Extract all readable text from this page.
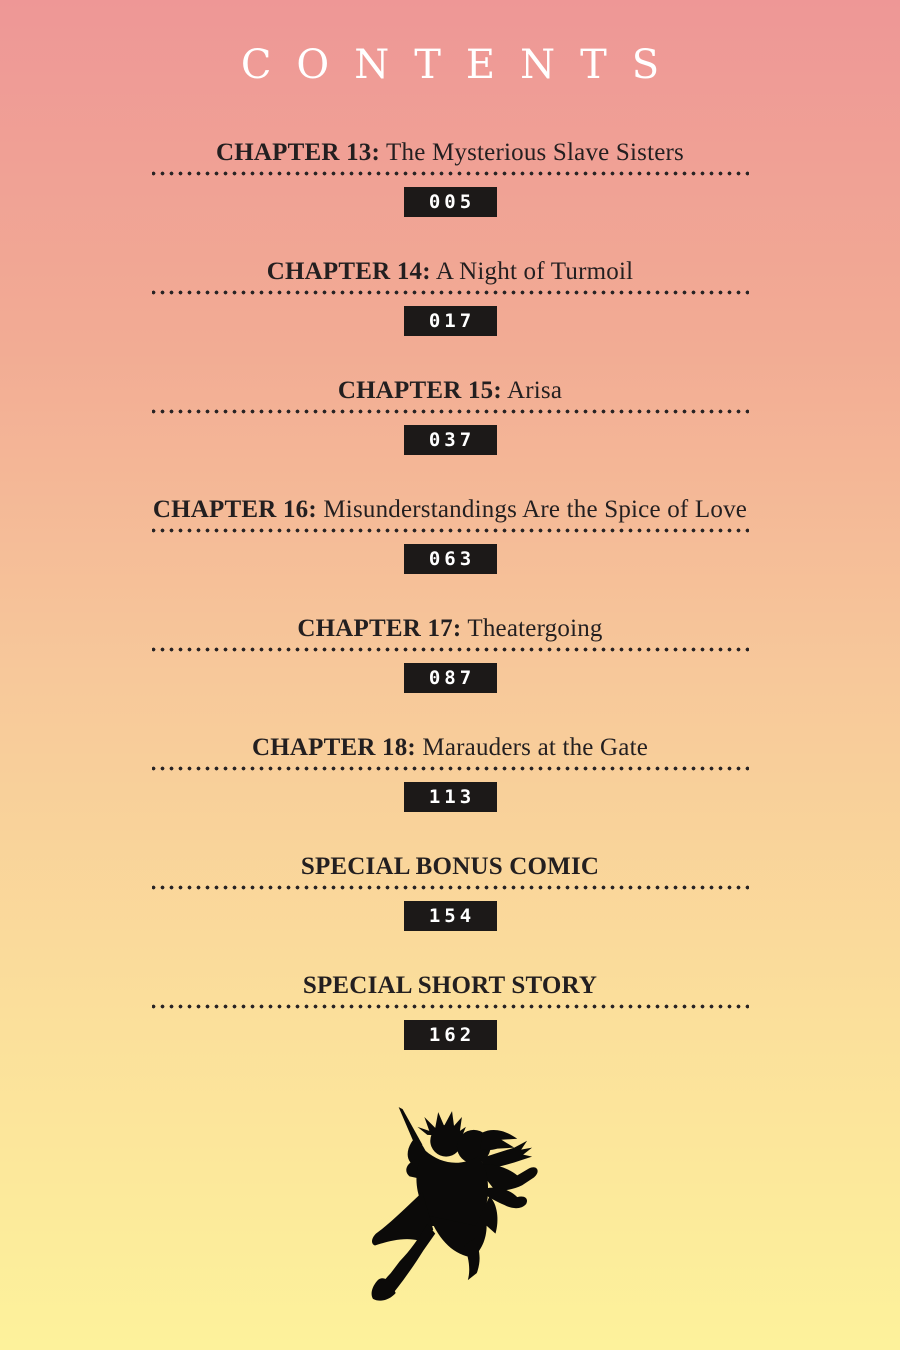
CONTENTS
CHAPTER 13: The Mysterious Slave Sisters
005
CHAPTER 14: A Night of Turmoil
017
CHAPTER 15: Arisa
037
CHAPTER 16: Misunderstandings Are the Spice of Love
063
CHAPTER 17: Theatergoing
087
CHAPTER 18: Marauders at the Gate
113
SPECIAL BONUS COMIC
154
SPECIAL SHORT STORY
162
